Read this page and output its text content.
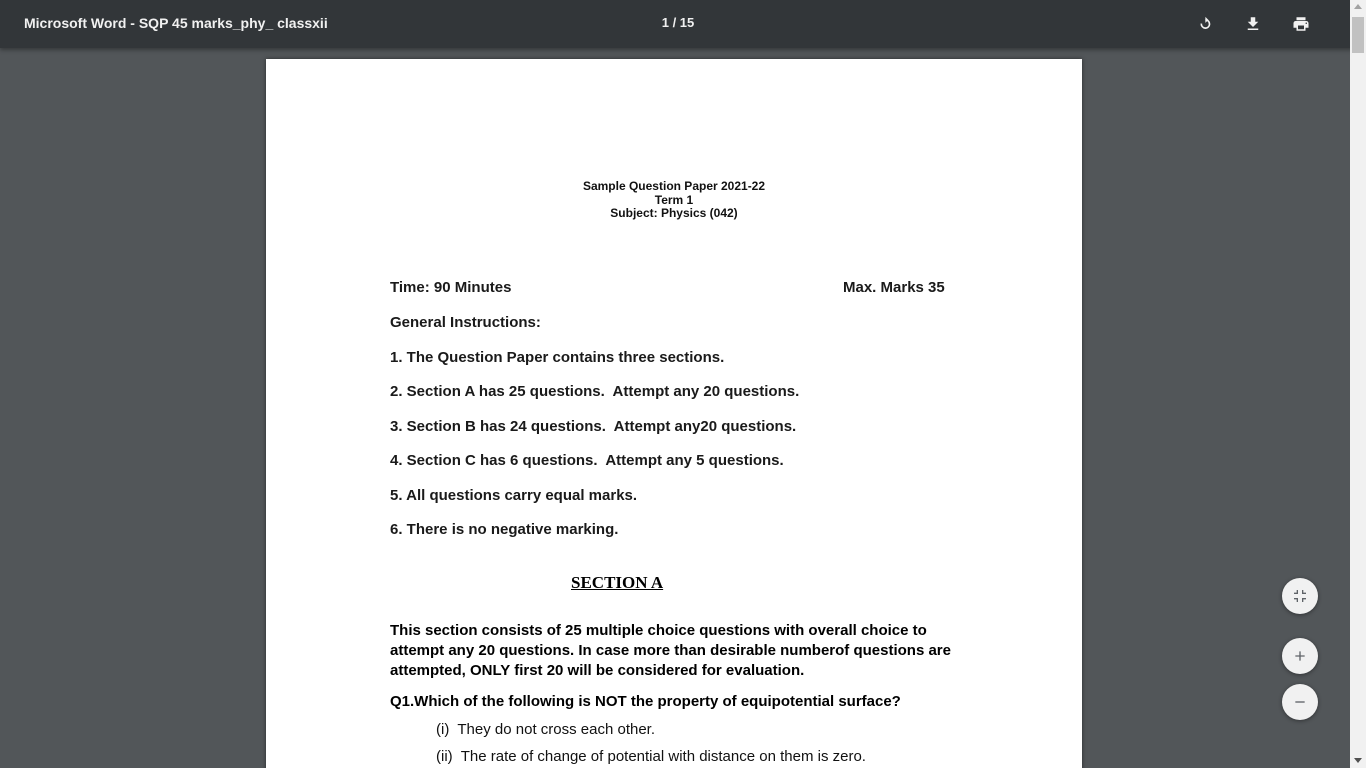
Microsoft Word - SQP 45 marks_phy_ classxii	1 / 15
Sample Question Paper 2021-22
Term 1
Subject: Physics (042)
Time: 90 Minutes	Max. Marks 35
General Instructions:
1. The Question Paper contains three sections.
2. Section A has 25 questions.  Attempt any 20 questions.
3. Section B has 24 questions.  Attempt any20 questions.
4. Section C has 6 questions.  Attempt any 5 questions.
5. All questions carry equal marks.
6. There is no negative marking.
SECTION A
This section consists of 25 multiple choice questions with overall choice to attempt any 20 questions. In case more than desirable numberof questions are attempted, ONLY first 20 will be considered for evaluation.
Q1.Which of the following is NOT the property of equipotential surface?
(i)  They do not cross each other.
(ii)  The rate of change of potential with distance on them is zero.
